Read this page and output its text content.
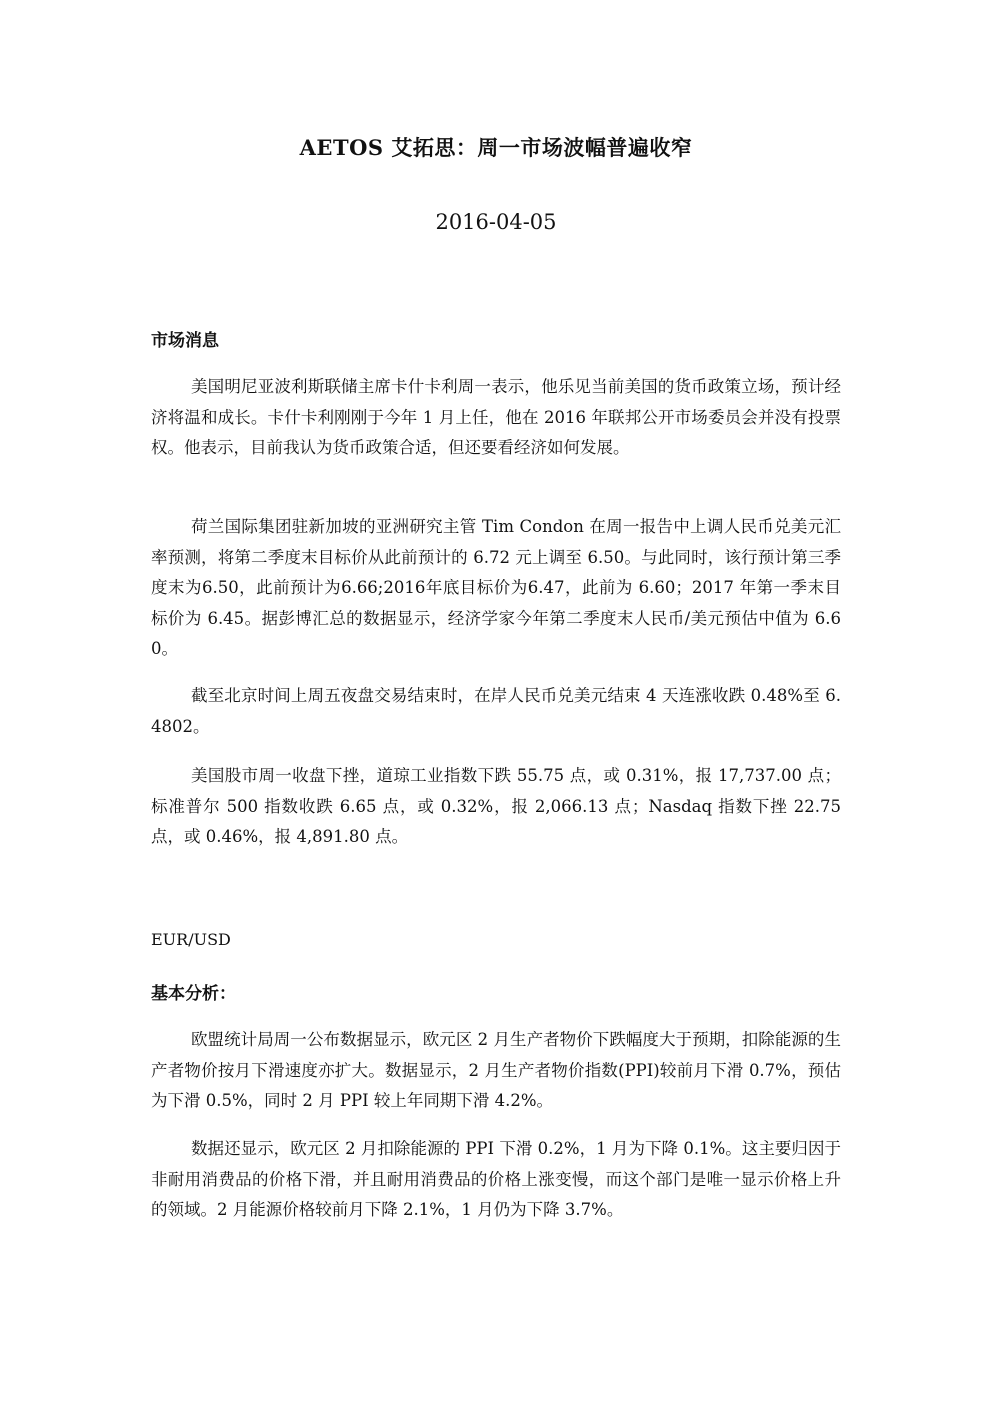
AETOS 艾拓思：周一市场波幅普遍收窄
2016-04-05
市场消息

美国明尼亚波利斯联储主席卡什卡利周一表示，他乐见当前美国的货币政策立场，预计经济将温和成长。卡什卡利刚刚于今年 1 月上任，他在 2016 年联邦公开市场委员会并没有投票权。他表示，目前我认为货币政策合适，但还要看经济如何发展。

荷兰国际集团驻新加坡的亚洲研究主管 Tim Condon 在周一报告中上调人民币兑美元汇率预测，将第二季度末目标价从此前预计的 6.72 元上调至 6.50。与此同时，该行预计第三季度末为6.50，此前预计为6.66;2016年底目标价为6.47，此前为 6.60；2017 年第一季末目标价为 6.45。据彭博汇总的数据显示，经济学家今年第二季度末人民币/美元预估中值为 6.60。

截至北京时间上周五夜盘交易结束时，在岸人民币兑美元结束 4 天连涨收跌 0.48%至 6.4802。

美国股市周一收盘下挫，道琼工业指数下跌 55.75 点，或 0.31%，报 17,737.00 点；标准普尔 500 指数收跌 6.65 点，或 0.32%，报 2,066.13 点；Nasdaq 指数下挫 22.75 点，或 0.46%，报 4,891.80 点。

EUR/USD
基本分析：

欧盟统计局周一公布数据显示，欧元区 2 月生产者物价下跌幅度大于预期，扣除能源的生产者物价按月下滑速度亦扩大。数据显示，2 月生产者物价指数(PPI)较前月下滑 0.7%，预估为下滑 0.5%，同时 2 月 PPI 较上年同期下滑 4.2%。

数据还显示，欧元区 2 月扣除能源的 PPI 下滑 0.2%，1 月为下降 0.1%。这主要归因于非耐用消费品的价格下滑，并且耐用消费品的价格上涨变慢，而这个部门是唯一显示价格上升的领域。2 月能源价格较前月下降 2.1%，1 月仍为下降 3.7%。
